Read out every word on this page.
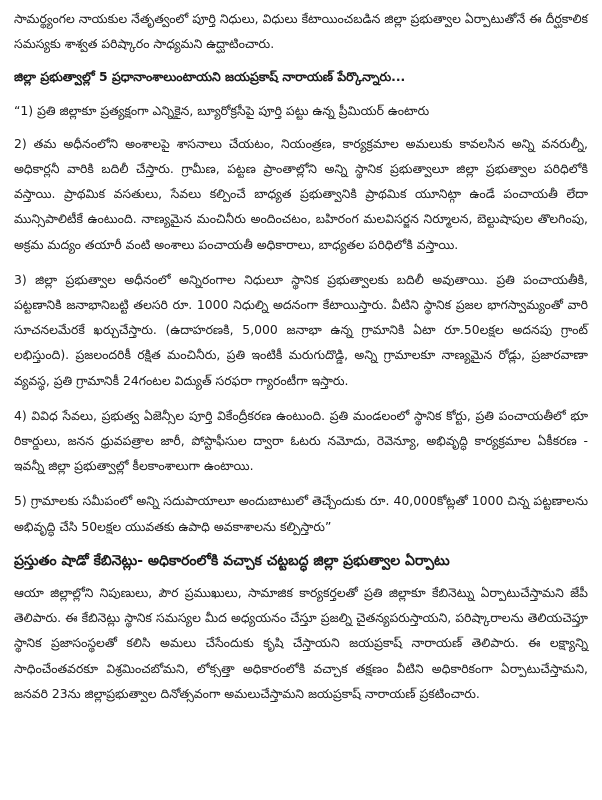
సామర్థ్యంగల నాయకుల నేతృత్వంలో పూర్తి నిధులు, విధులు కేటాయించబడిన జిల్లా ప్రభుత్వాల ఏర్పాటుతోనే ఈ దీర్ఘకాలిక సమస్యకు శాశ్వత పరిష్కారం సాధ్యమని ఉద్ఘాటించారు.

జిల్లా ప్రభుత్వాల్లో 5 ప్రధానాంశాలుంటాయని జయప్రకాష్ నారాయణ్ పేర్కొన్నారు...

“1) ప్రతి జిల్లాకూ ప్రత్యక్షంగా ఎన్నికైన, బ్యూరోక్రసీపై పూర్తి పట్టు ఉన్న ప్రీమియర్ ఉంటారు

2) తమ అధీనంలోని అంశాలపై శాసనాలు చేయటం, నియంత్రణ, కార్యక్రమాల అమలుకు కావలసిన అన్ని వనరుల్నీ, అధికార్లనీ వారికి బదిలీ చేస్తారు. గ్రామీణ, పట్టణ ప్రాంతాల్లోని అన్ని స్థానిక ప్రభుత్వాలూ జిల్లా ప్రభుత్వాల పరిధిలోకి వస్తాయి. ప్రాథమిక వసతులు, సేవలు కల్పించే బాధ్యత ప్రభుత్వానికి ప్రాథమిక యూనిట్గా ఉండే పంచాయతీ లేదా మున్సిపాలిటీకే ఉంటుంది. నాణ్యమైన మంచినీరు అందించటం, బహిరంగ మలవిసర్జన నిర్మూలన, బెల్టుషాపుల తొలగింపు, అక్రమ మద్యం తయారీ వంటి అంశాలు పంచాయతీ అధికారాలు, బాధ్యతల పరిధిలోకి వస్తాయి.

3) జిల్లా ప్రభుత్వాల అధీనంలో అన్నిరంగాల నిధులూ స్థానిక ప్రభుత్వాలకు బదిలీ అవుతాయి. ప్రతి పంచాయతీకి, పట్టణానికి జనాభానిబట్టి తలసరి రూ. 1000 నిధుల్ని అదనంగా కేటాయిస్తారు. వీటిని స్థానిక ప్రజల భాగస్వామ్యంతో వారి సూచనలమేరకే ఖర్చుచేస్తారు. (ఉదాహరణకి, 5,000 జనాభా ఉన్న గ్రామానికి ఏటా రూ.50లక్షల అదనపు గ్రాంట్ లభిస్తుంది). ప్రజలందరికీ రక్షిత మంచినీరు, ప్రతి ఇంటికీ మరుగుదొడ్డి, అన్ని గ్రామాలకూ నాణ్యమైన రోడ్లు, ప్రజారవాణా వ్యవస్థ, ప్రతి గ్రామానికీ 24గంటల విద్యుత్ సరఫరా గ్యారంటీగా ఇస్తారు.

4) వివిధ సేవలు, ప్రభుత్వ ఏజెన్సీల పూర్తి వికేంద్రీకరణ ఉంటుంది. ప్రతి మండలంలో స్థానిక కోర్టు, ప్రతి పంచాయతీలో భూ రికార్డులు, జనన ధ్రువపత్రాల జారీ, పోస్టాఫీసుల ద్వారా ఓటరు నమోదు, రెవెన్యూ, అభివృద్ధి కార్యక్రమాల ఏకీకరణ - ఇవన్నీ జిల్లా ప్రభుత్వాల్లో కీలకాంశాలుగా ఉంటాయి.

5) గ్రామాలకు సమీపంలో అన్ని సదుపాయాలూ అందుబాటులో తెచ్చేందుకు రూ. 40,000కోట్లతో 1000 చిన్న పట్టణాలను అభివృద్ధి చేసి 50లక్షల యువతకు ఉపాధి అవకాశాలను కల్పిస్తారు”

ప్రస్తుతం షాడో కేబినెట్లు- అధికారంలోకి వచ్చాక చట్టబద్ధ జిల్లా ప్రభుత్వాల ఏర్పాటు

ఆయా జిల్లాల్లోని నిపుణులు, పౌర ప్రముఖులు, సామాజిక కార్యకర్తలతో ప్రతి జిల్లాకూ కేబినెట్ను ఏర్పాటుచేస్తామని జేపీ తెలిపారు. ఈ కేబినెట్లు స్థానిక సమస్యల మీద అధ్యయనం చేస్తూ ప్రజల్ని చైతన్యపరుస్తాయని, పరిష్కారాలను తెలియచెప్తూ స్థానిక ప్రజాసంస్థలతో కలిసి అమలు చేసేందుకు కృషి చేస్తాయని జయప్రకాష్ నారాయణ్ తెలిపారు. ఈ లక్ష్యాన్ని సాధించేంతవరకూ విశ్రమించబోమని, లోక్సత్తా అధికారంలోకి వచ్చాక తక్షణం వీటిని అధికారికంగా ఏర్పాటుచేస్తామని, జనవరి 23ను జిల్లాప్రభుత్వాల దినోత్సవంగా అమలుచేస్తామని జయప్రకాష్ నారాయణ్ ప్రకటించారు.
